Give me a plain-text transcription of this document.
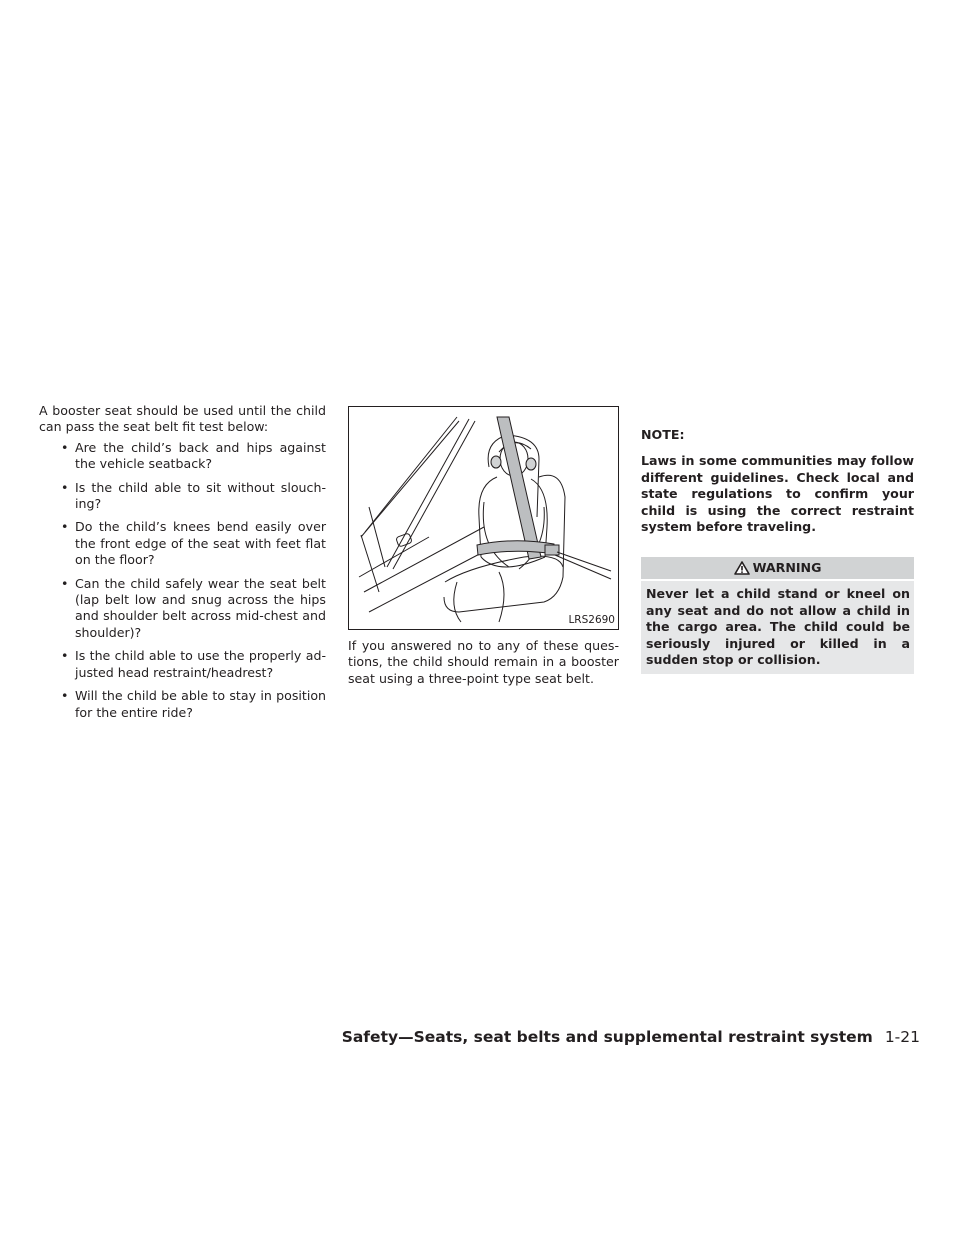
A booster seat should be used until the child can pass the seat belt fit test below:

• Are the child’s back and hips against the vehicle seatback?
• Is the child able to sit without slouch- ing?
• Do the child’s knees bend easily over the front edge of the seat with feet flat on the floor?
• Can the child safely wear the seat belt (lap belt low and snug across the hips and shoulder belt across mid-chest and shoulder)?
• Is the child able to use the properly ad- justed head restraint/headrest?
• Will the child be able to stay in position for the entire ride?
LRS2690

If you answered no to any of these ques- tions, the child should remain in a booster seat using a three-point type seat belt.

NOTE:

Laws in some communities may follow different guidelines. Check local and state regulations to confirm your child is using the correct restraint system before traveling.

WARNING
Never let a child stand or kneel on any seat and do not allow a child in the cargo area. The child could be seriously injured or killed in a sudden stop or collision.
Safety—Seats, seat belts and supplemental restraint system 1-21
